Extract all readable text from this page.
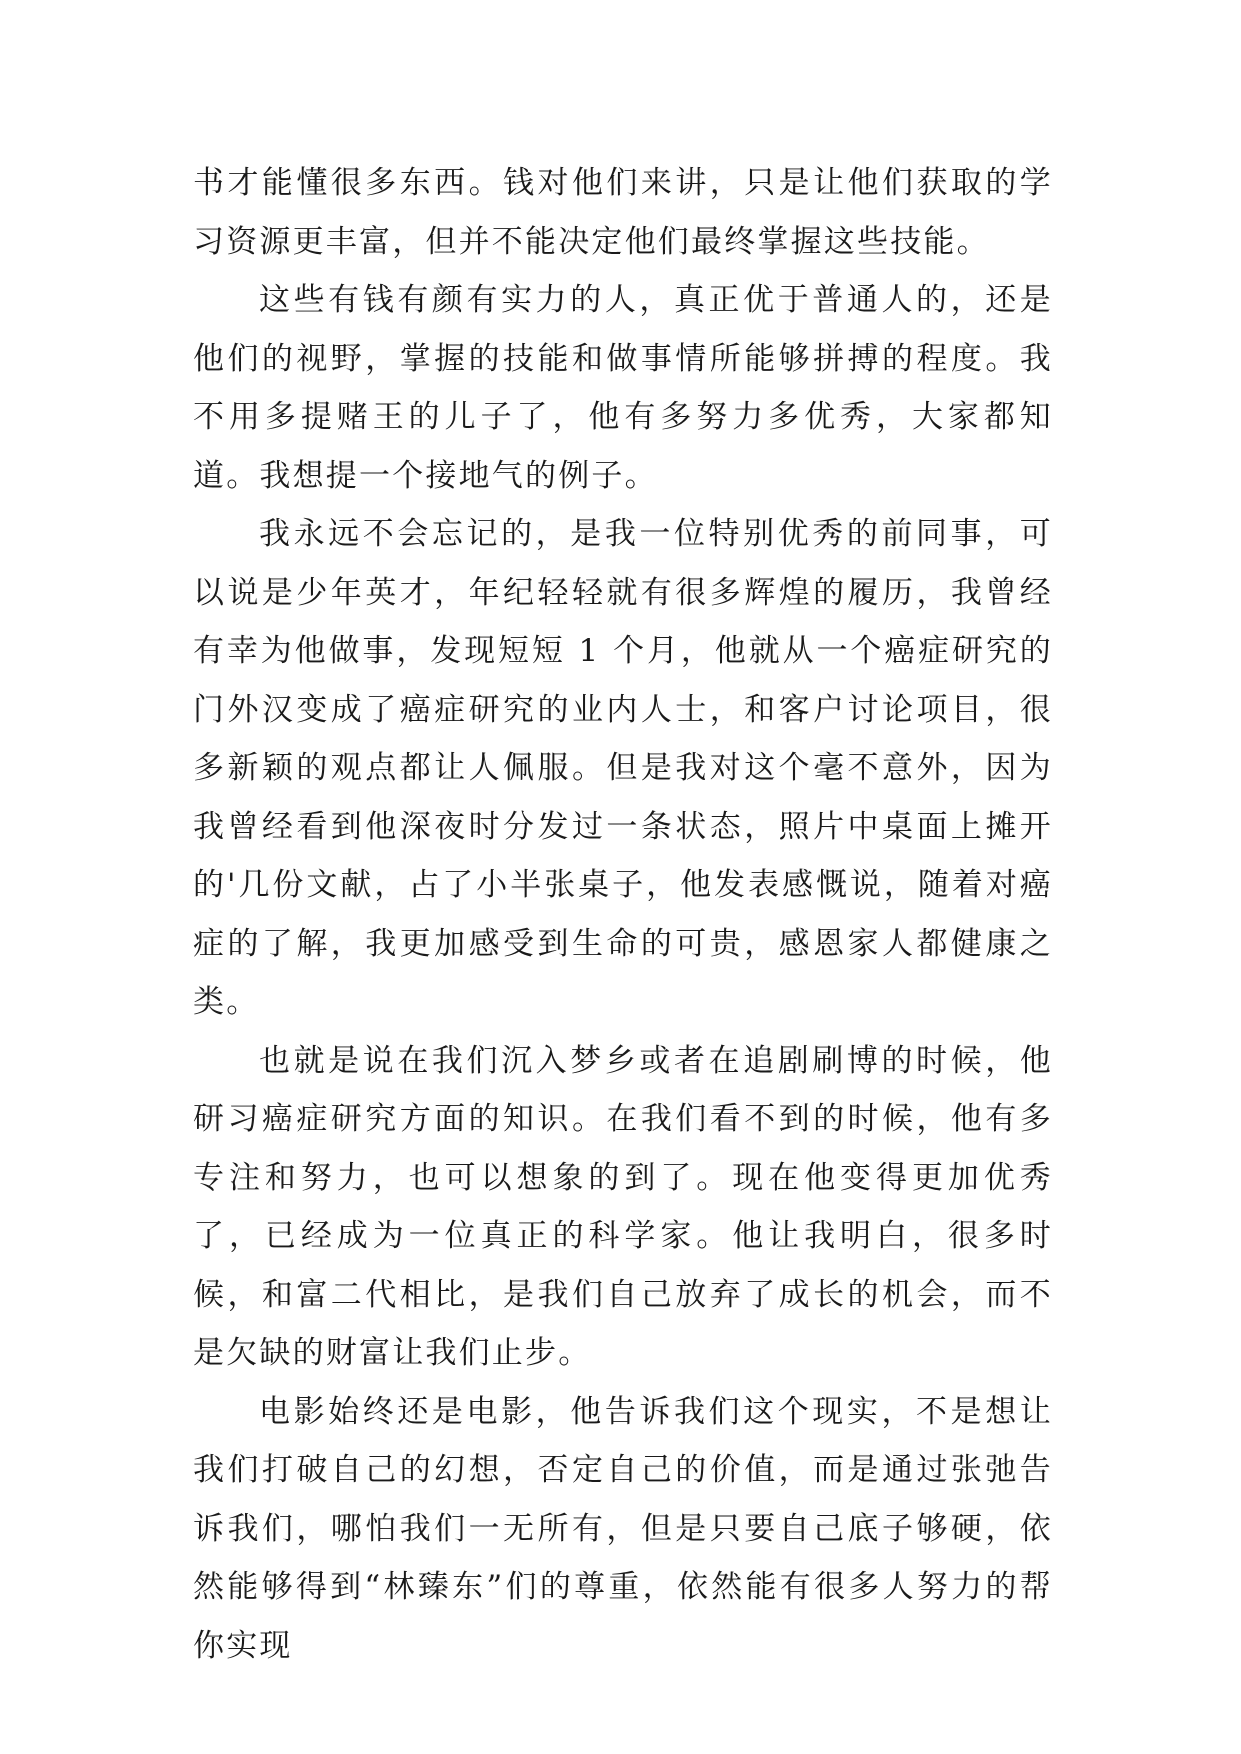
书才能懂很多东西。钱对他们来讲，只是让他们获取的学习资源更丰富，但并不能决定他们最终掌握这些技能。

这些有钱有颜有实力的人，真正优于普通人的，还是他们的视野，掌握的技能和做事情所能够拼搏的程度。我不用多提赌王的儿子了，他有多努力多优秀，大家都知道。我想提一个接地气的例子。

我永远不会忘记的，是我一位特别优秀的前同事，可以说是少年英才，年纪轻轻就有很多辉煌的履历，我曾经有幸为他做事，发现短短 1 个月，他就从一个癌症研究的门外汉变成了癌症研究的业内人士，和客户讨论项目，很多新颖的观点都让人佩服。但是我对这个毫不意外，因为我曾经看到他深夜时分发过一条状态，照片中桌面上摊开的'几份文献，占了小半张桌子，他发表感慨说，随着对癌症的了解，我更加感受到生命的可贵，感恩家人都健康之类。

也就是说在我们沉入梦乡或者在追剧刷博的时候，他研习癌症研究方面的知识。在我们看不到的时候，他有多专注和努力，也可以想象的到了。现在他变得更加优秀了，已经成为一位真正的科学家。他让我明白，很多时候，和富二代相比，是我们自己放弃了成长的机会，而不是欠缺的财富让我们止步。

电影始终还是电影，他告诉我们这个现实，不是想让我们打破自己的幻想，否定自己的价值，而是通过张弛告诉我们，哪怕我们一无所有，但是只要自己底子够硬，依然能够得到“林臻东”们的尊重，依然能有很多人努力的帮你实现
